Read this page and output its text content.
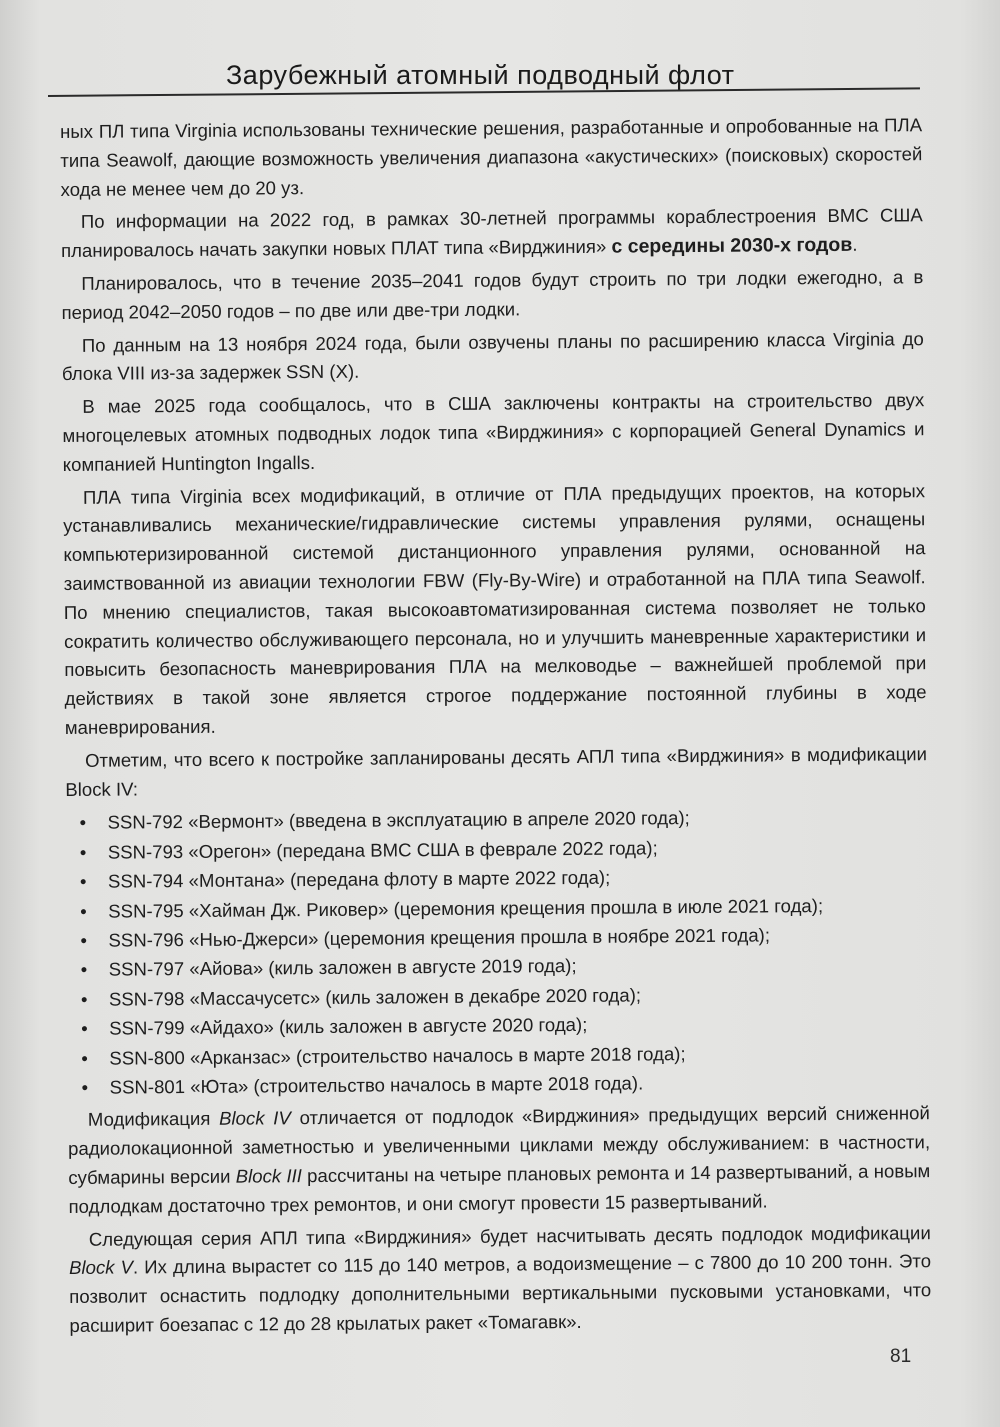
Зарубежный атомный подводный флот

ных ПЛ типа Virginia использованы технические решения, разработанные и опробованные на ПЛА типа Seawolf, дающие возможность увеличения диапазона «акустических» (поисковых) скоростей хода не менее чем до 20 уз.

По информации на 2022 год, в рамках 30-летней программы кораблестроения ВМС США планировалось начать закупки новых ПЛАТ типа «Вирджиния» с середины 2030-х годов.

Планировалось, что в течение 2035–2041 годов будут строить по три лодки ежегодно, а в период 2042–2050 годов – по две или две-три лодки.

По данным на 13 ноября 2024 года, были озвучены планы по расширению класса Virginia до блока VIII из-за задержек SSN (X).

В мае 2025 года сообщалось, что в США заключены контракты на строительство двух многоцелевых атомных подводных лодок типа «Вирджиния» с корпорацией General Dynamics и компанией Huntington Ingalls.

ПЛА типа Virginia всех модификаций, в отличие от ПЛА предыдущих проектов, на которых устанавливались механические/гидравлические системы управления рулями, оснащены компьютеризированной системой дистанционного управления рулями, основанной на заимствованной из авиации технологии FBW (Fly-By-Wire) и отработанной на ПЛА типа Seawolf. По мнению специалистов, такая высокоавтоматизированная система позволяет не только сократить количество обслуживающего персонала, но и улучшить маневренные характеристики и повысить безопасность маневрирования ПЛА на мелководье – важнейшей проблемой при действиях в такой зоне является строгое поддержание постоянной глубины в ходе маневрирования.

Отметим, что всего к постройке запланированы десять АПЛ типа «Вирджиния» в модификации Block IV:

• SSN-792 «Вермонт» (введена в эксплуатацию в апреле 2020 года);
• SSN-793 «Орегон» (передана ВМС США в феврале 2022 года);
• SSN-794 «Монтана» (передана флоту в марте 2022 года);
• SSN-795 «Хайман Дж. Риковер» (церемония крещения прошла в июле 2021 года);
• SSN-796 «Нью-Джерси» (церемония крещения прошла в ноябре 2021 года);
• SSN-797 «Айова» (киль заложен в августе 2019 года);
• SSN-798 «Массачусетс» (киль заложен в декабре 2020 года);
• SSN-799 «Айдахо» (киль заложен в августе 2020 года);
• SSN-800 «Арканзас» (строительство началось в марте 2018 года);
• SSN-801 «Юта» (строительство началось в марте 2018 года).

Модификация Block IV отличается от подлодок «Вирджиния» предыдущих версий сниженной радиолокационной заметностью и увеличенными циклами между обслуживанием: в частности, субмарины версии Block III рассчитаны на четыре плановых ремонта и 14 развертываний, а новым подлодкам достаточно трех ремонтов, и они смогут провести 15 развертываний.

Следующая серия АПЛ типа «Вирджиния» будет насчитывать десять подлодок модификации Block V. Их длина вырастет со 115 до 140 метров, а водоизмещение – с 7800 до 10 200 тонн. Это позволит оснастить подлодку дополнительными вертикальными пусковыми установками, что расширит боезапас с 12 до 28 крылатых ракет «Томагавк».

81
